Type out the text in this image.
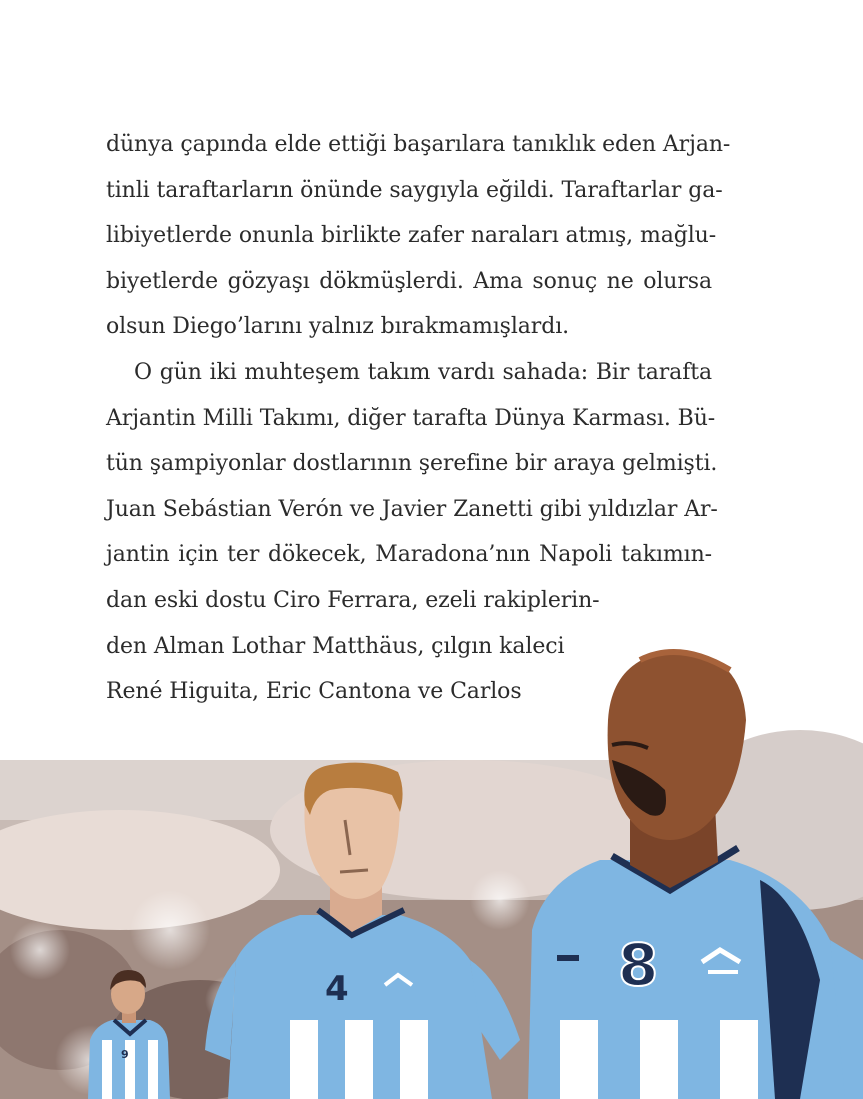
dünya çapında elde ettiği başarılara tanıklık eden Arjan-
tinli taraftarların önünde saygıyla eğildi. Taraftarlar ga-
libiyetlerde onunla birlikte zafer naraları atmış, mağlu-
biyetlerde gözyaşı dökmüşlerdi. Ama sonuç ne olursa
olsun Diego’larını yalnız bırakmamışlardı.
O gün iki muhteşem takım vardı sahada: Bir tarafta
Arjantin Milli Takımı, diğer tarafta Dünya Karması. Bü-
tün şampiyonlar dostlarının şerefine bir araya gelmişti.
Juan Sebástian Verón ve Javier Zanetti gibi yıldızlar Ar-
jantin için ter dökecek, Maradona’nın Napoli takımın-
dan eski dostu Ciro Ferrara, ezeli rakiplerin-
den Alman Lothar Matthäus, çılgın kaleci
René Higuita, Eric Cantona ve Carlos
9
4	8
